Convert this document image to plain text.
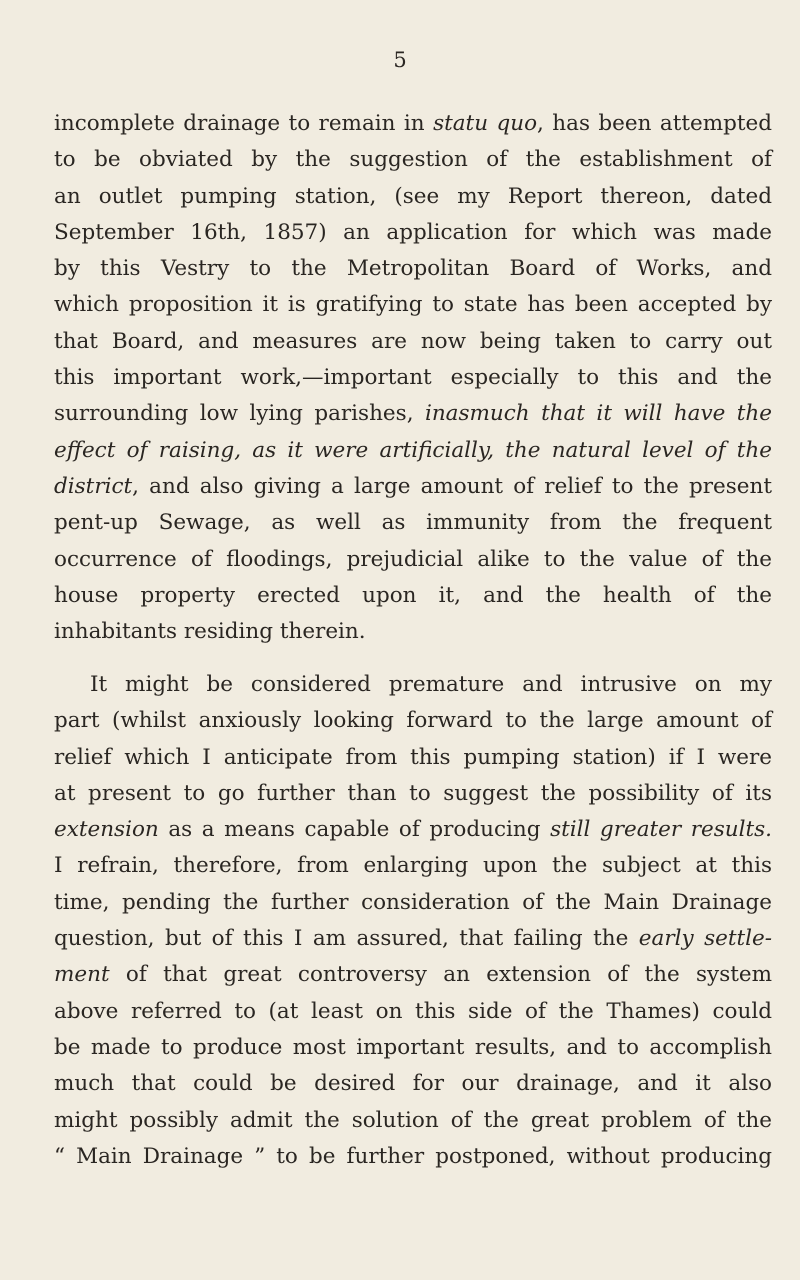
5
incomplete drainage to remain in statu quo, has been attempted
to be obviated by the suggestion of the establishment of
an outlet pumping station, (see my Report thereon, dated
September 16th, 1857) an application for which was made
by this Vestry to the Metropolitan Board of Works, and
which proposition it is gratifying to state has been accepted by
that Board, and measures are now being taken to carry out
this important work,—important especially to this and the
surrounding low lying parishes, inasmuch that it will have the
effect of raising, as it were artificially, the natural level of the
district, and also giving a large amount of relief to the present
pent-up Sewage, as well as immunity from the frequent
occurrence of floodings, prejudicial alike to the value of the
house property erected upon it, and the health of the
inhabitants residing therein.
It might be considered premature and intrusive on my
part (whilst anxiously looking forward to the large amount of
relief which I anticipate from this pumping station) if I were
at present to go further than to suggest the possibility of its
extension as a means capable of producing still greater results.
I refrain, therefore, from enlarging upon the subject at this
time, pending the further consideration of the Main Drainage
question, but of this I am assured, that failing the early settle-
ment of that great controversy an extension of the system
above referred to (at least on this side of the Thames) could
be made to produce most important results, and to accomplish
much that could be desired for our drainage, and it also
might possibly admit the solution of the great problem of the
“ Main Drainage ” to be further postponed, without producing
